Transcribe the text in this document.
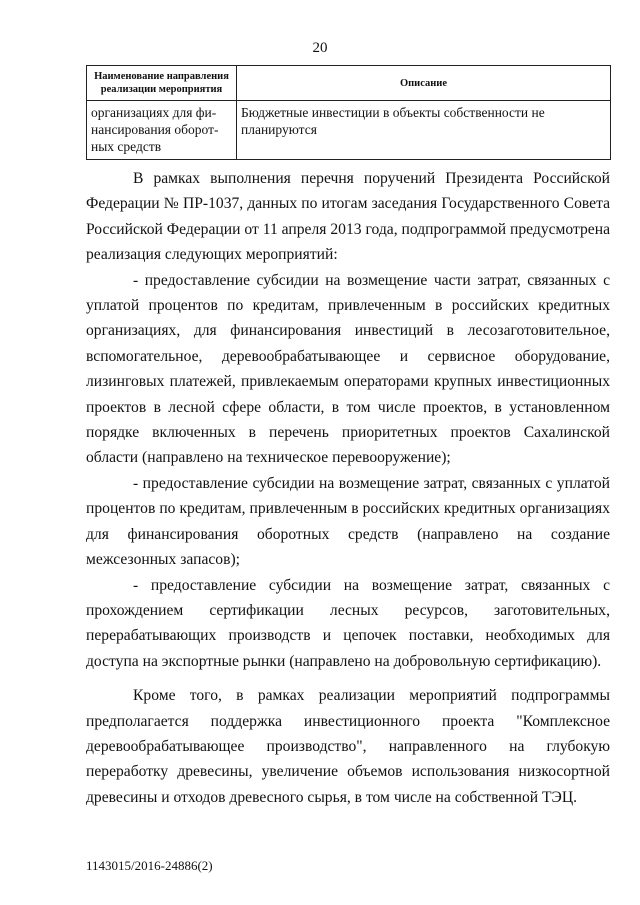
20
Наименование направления реализации мероприятия	Описание

организациях для фи-
нансирования оборот-
ных средств	Бюджетные инвестиции в объекты собственности не планируются

В рамках выполнения перечня поручений Президента Российской Федерации № ПР-1037, данных по итогам заседания Государственного Совета Российской Федерации от 11 апреля 2013 года, подпрограммой предусмотрена реализация следующих мероприятий:

- предоставление субсидии на возмещение части затрат, связанных с уплатой процентов по кредитам, привлеченным в российских кредитных организациях, для финансирования инвестиций в лесозаготовительное, вспомогательное, деревообрабатывающее и сервисное оборудование, лизинговых платежей, привлекаемым операторами крупных инвестиционных проектов в лесной сфере области, в том числе проектов, в установленном порядке включенных в перечень приоритетных проектов Сахалинской области (направлено на техническое перевооружение);

- предоставление субсидии на возмещение затрат, связанных с уплатой процентов по кредитам, привлеченным в российских кредитных организациях для финансирования оборотных средств (направлено на создание межсезонных запасов);

- предоставление субсидии на возмещение затрат, связанных с прохождением сертификации лесных ресурсов, заготовительных, перерабатывающих производств и цепочек поставки, необходимых для доступа на экспортные рынки (направлено на добровольную сертификацию).

Кроме того, в рамках реализации мероприятий подпрограммы предполагается поддержка инвестиционного проекта "Комплексное деревообрабатывающее производство", направленного на глубокую переработку древесины, увеличение объемов использования низкосортной древесины и отходов древесного сырья, в том числе на собственной ТЭЦ.

1143015/2016-24886(2)
